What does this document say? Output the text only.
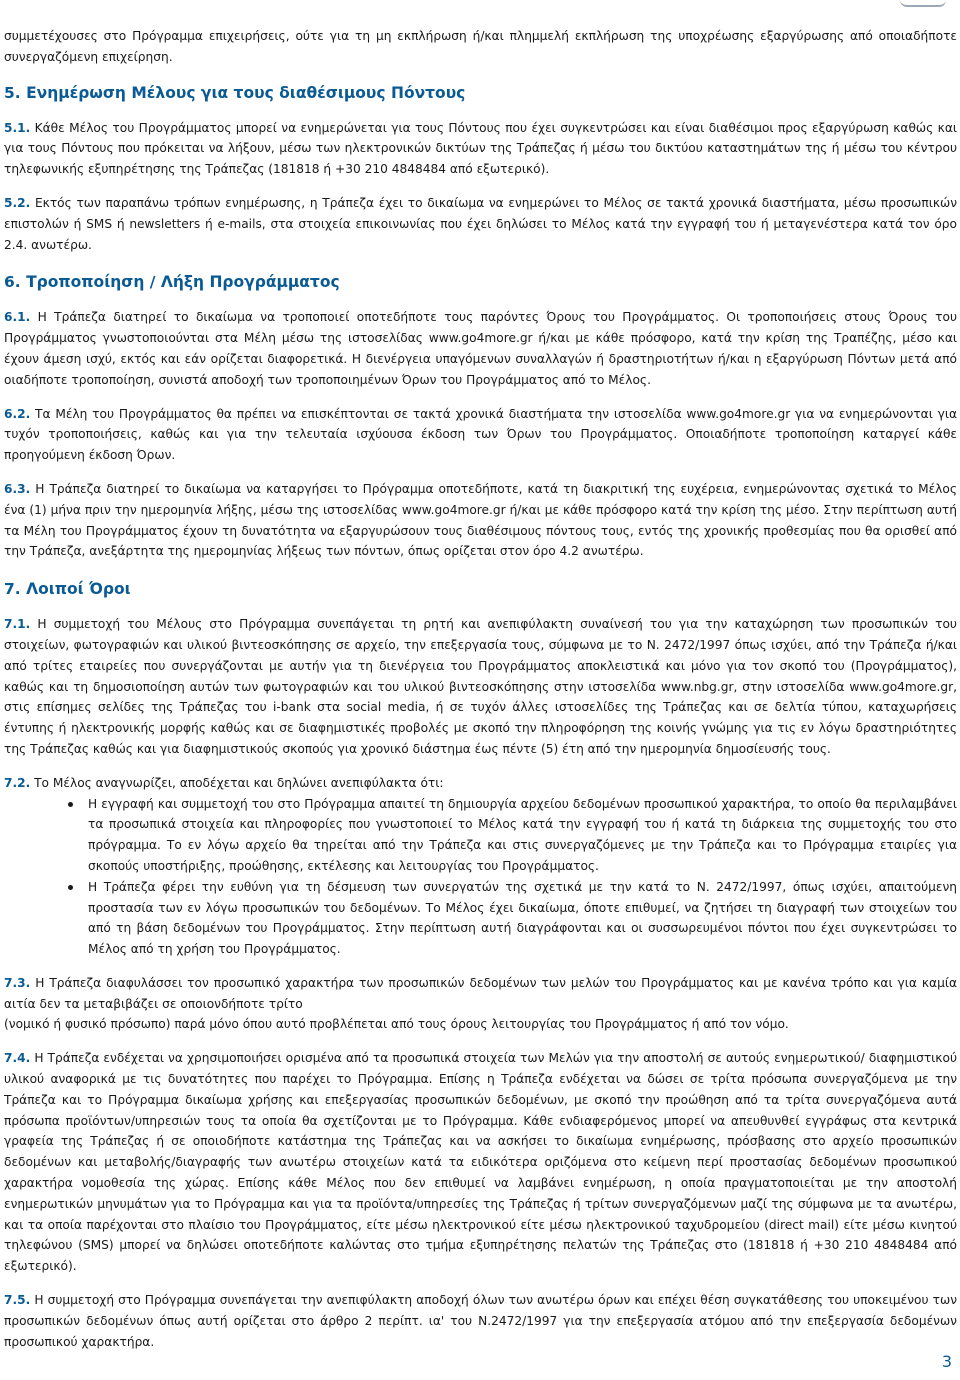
συμμετέχουσες στο Πρόγραμμα επιχειρήσεις, ούτε για τη μη εκπλήρωση ή/και πλημμελή εκπλήρωση της υποχρέωσης εξαργύρωσης από οποιαδήποτε συνεργαζόμενη επιχείρηση.

5. Ενημέρωση Μέλους για τους διαθέσιμους Πόντους

5.1. Κάθε Μέλος του Προγράμματος μπορεί να ενημερώνεται για τους Πόντους που έχει συγκεντρώσει και είναι διαθέσιμοι προς εξαργύρωση καθώς και για τους Πόντους που πρόκειται να λήξουν, μέσω των ηλεκτρονικών δικτύων της Τράπεζας ή μέσω του δικτύου καταστημάτων της ή μέσω του κέντρου τηλεφωνικής εξυπηρέτησης της Τράπεζας (181818 ή +30 210 4848484 από εξωτερικό).

5.2. Εκτός των παραπάνω τρόπων ενημέρωσης, η Τράπεζα έχει το δικαίωμα να ενημερώνει το Μέλος σε τακτά χρονικά διαστήματα, μέσω προσωπικών επιστολών ή SMS ή newsletters ή e-mails, στα στοιχεία επικοινωνίας που έχει δηλώσει το Μέλος κατά την εγγραφή του ή μεταγενέστερα κατά τον όρο 2.4. ανωτέρω.

6. Τροποποίηση / Λήξη Προγράμματος

6.1. Η Τράπεζα διατηρεί το δικαίωμα να τροποποιεί οποτεδήποτε τους παρόντες Όρους του Προγράμματος. Οι τροποποιήσεις στους Όρους του Προγράμματος γνωστοποιούνται στα Μέλη μέσω της ιστοσελίδας www.go4more.gr ή/και με κάθε πρόσφορο, κατά την κρίση της Τραπέζης, μέσο και έχουν άμεση ισχύ, εκτός και εάν ορίζεται διαφορετικά. Η διενέργεια υπαγόμενων συναλλαγών ή δραστηριοτήτων ή/και η εξαργύρωση Πόντων μετά από οιαδήποτε τροποποίηση, συνιστά αποδοχή των τροποποιημένων Όρων του Προγράμματος από το Μέλος.

6.2. Τα Μέλη του Προγράμματος θα πρέπει να επισκέπτονται σε τακτά χρονικά διαστήματα την ιστοσελίδα www.go4more.gr για να ενημερώνονται για τυχόν τροποποιήσεις, καθώς και για την τελευταία ισχύουσα έκδοση των Όρων του Προγράμματος. Οποιαδήποτε τροποποίηση καταργεί κάθε προηγούμενη έκδοση Όρων.

6.3. Η Τράπεζα διατηρεί το δικαίωμα να καταργήσει το Πρόγραμμα οποτεδήποτε, κατά τη διακριτική της ευχέρεια, ενημερώνοντας σχετικά το Μέλος ένα (1) μήνα πριν την ημερομηνία λήξης, μέσω της ιστοσελίδας www.go4more.gr ή/και με κάθε πρόσφορο κατά την κρίση της μέσο. Στην περίπτωση αυτή τα Μέλη του Προγράμματος έχουν τη δυνατότητα να εξαργυρώσουν τους διαθέσιμους πόντους τους, εντός της χρονικής προθεσμίας που θα ορισθεί από την Τράπεζα, ανεξάρτητα της ημερομηνίας λήξεως των πόντων, όπως ορίζεται στον όρο 4.2 ανωτέρω.

7. Λοιποί Όροι

7.1. Η συμμετοχή του Μέλους στο Πρόγραμμα συνεπάγεται τη ρητή και ανεπιφύλακτη συναίνεσή του για την καταχώρηση των προσωπικών του στοιχείων, φωτογραφιών και υλικού βιντεοσκόπησης σε αρχείο, την επεξεργασία τους, σύμφωνα με το Ν. 2472/1997 όπως ισχύει, από την Τράπεζα ή/και από τρίτες εταιρείες που συνεργάζονται με αυτήν για τη διενέργεια του Προγράμματος αποκλειστικά και μόνο για τον σκοπό του (Προγράμματος), καθώς και τη δημοσιοποίηση αυτών των φωτογραφιών και του υλικού βιντεοσκόπησης στην ιστοσελίδα www.nbg.gr, στην ιστοσελίδα www.go4more.gr, στις επίσημες σελίδες της Τράπεζας του i-bank στα social media, ή σε τυχόν άλλες ιστοσελίδες της Τράπεζας και σε δελτία τύπου, καταχωρήσεις έντυπης ή ηλεκτρονικής μορφής καθώς και σε διαφημιστικές προβολές με σκοπό την πληροφόρηση της κοινής γνώμης για τις εν λόγω δραστηριότητες της Τράπεζας καθώς και για διαφημιστικούς σκοπούς για χρονικό διάστημα έως πέντε (5) έτη από την ημερομηνία δημοσίευσής τους.

7.2. Το Μέλος αναγνωρίζει, αποδέχεται και δηλώνει ανεπιφύλακτα ότι:

Η εγγραφή και συμμετοχή του στο Πρόγραμμα απαιτεί τη δημιουργία αρχείου δεδομένων προσωπικού χαρακτήρα, το οποίο θα περιλαμβάνει τα προσωπικά στοιχεία και πληροφορίες που γνωστοποιεί το Μέλος κατά την εγγραφή του ή κατά τη διάρκεια της συμμετοχής του στο πρόγραμμα. Το εν λόγω αρχείο θα τηρείται από την Τράπεζα και στις συνεργαζόμενες με την Τράπεζα και το Πρόγραμμα εταιρίες για σκοπούς υποστήριξης, προώθησης, εκτέλεσης και λειτουργίας του Προγράμματος.
Η Τράπεζα φέρει την ευθύνη για τη δέσμευση των συνεργατών της σχετικά με την κατά το Ν. 2472/1997, όπως ισχύει, απαιτούμενη προστασία των εν λόγω προσωπικών του δεδομένων. Το Μέλος έχει δικαίωμα, όποτε επιθυμεί, να ζητήσει τη διαγραφή των στοιχείων του από τη βάση δεδομένων του Προγράμματος. Στην περίπτωση αυτή διαγράφονται και οι συσσωρευμένοι πόντοι που έχει συγκεντρώσει το Μέλος από τη χρήση του Προγράμματος.

7.3. Η Τράπεζα διαφυλάσσει τον προσωπικό χαρακτήρα των προσωπικών δεδομένων των μελών του Προγράμματος και με κανένα τρόπο και για καμία αιτία δεν τα μεταβιβάζει σε οποιονδήποτε τρίτο

(νομικό ή φυσικό πρόσωπο) παρά μόνο όπου αυτό προβλέπεται από τους όρους λειτουργίας του Προγράμματος ή από τον νόμο.

7.4. Η Τράπεζα ενδέχεται να χρησιμοποιήσει ορισμένα από τα προσωπικά στοιχεία των Μελών για την αποστολή σε αυτούς ενημερωτικού/ διαφημιστικού υλικού αναφορικά με τις δυνατότητες που παρέχει το Πρόγραμμα. Επίσης η Τράπεζα ενδέχεται να δώσει σε τρίτα πρόσωπα συνεργαζόμενα με την Τράπεζα και το Πρόγραμμα δικαίωμα χρήσης και επεξεργασίας προσωπικών δεδομένων, με σκοπό την προώθηση από τα τρίτα συνεργαζόμενα αυτά πρόσωπα προϊόντων/υπηρεσιών τους τα οποία θα σχετίζονται με το Πρόγραμμα. Κάθε ενδιαφερόμενος μπορεί να απευθυνθεί εγγράφως στα κεντρικά γραφεία της Τράπεζας ή σε οποιοδήποτε κατάστημα της Τράπεζας και να ασκήσει το δικαίωμα ενημέρωσης, πρόσβασης στο αρχείο προσωπικών δεδομένων και μεταβολής/διαγραφής των ανωτέρω στοιχείων κατά τα ειδικότερα οριζόμενα στο κείμενη περί προστασίας δεδομένων προσωπικού χαρακτήρα νομοθεσία της χώρας. Επίσης κάθε Μέλος που δεν επιθυμεί να λαμβάνει ενημέρωση, η οποία πραγματοποιείται με την αποστολή ενημερωτικών μηνυμάτων για το Πρόγραμμα και για τα προϊόντα/υπηρεσίες της Τράπεζας ή τρίτων συνεργαζόμενων μαζί της σύμφωνα με τα ανωτέρω, και τα οποία παρέχονται στο πλαίσιο του Προγράμματος, είτε μέσω ηλεκτρονικού είτε μέσω ηλεκτρονικού ταχυδρομείου (direct mail) είτε μέσω κινητού τηλεφώνου (SMS) μπορεί να δηλώσει οποτεδήποτε καλώντας στο τμήμα εξυπηρέτησης πελατών της Τράπεζας στο (181818 ή +30 210 4848484 από εξωτερικό).

7.5. Η συμμετοχή στο Πρόγραμμα συνεπάγεται την ανεπιφύλακτη αποδοχή όλων των ανωτέρω όρων και επέχει θέση συγκατάθεσης του υποκειμένου των προσωπικών δεδομένων όπως αυτή ορίζεται στο άρθρο 2 περίπτ. ια' του Ν.2472/1997 για την επεξεργασία ατόμου από την επεξεργασία δεδομένων προσωπικού χαρακτήρα.

3
